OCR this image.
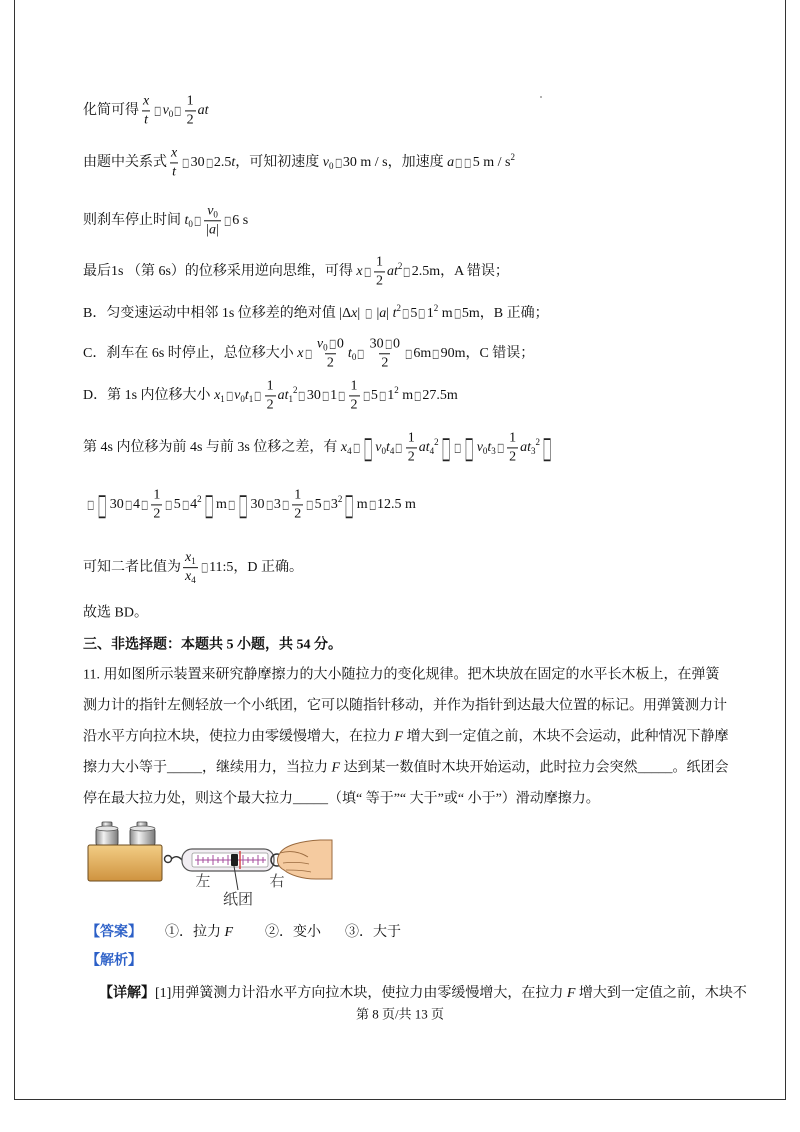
化简可得 $\frac{x}{t}$ $□v_0□ \frac{1}{2}$ at
由题中关系式 $\frac{x}{t}$ □30□2.5t，可知初速度 $v_0□30$ m / s，加速度 a□ □5 m / $s^2$
则刹车停止时间 $t_0□ \frac{v_0}{|a|}$ □6 s
最后1s （第 6s）的位移采用逆向思维，可得 x□ $\frac{1}{2}$ $at^2□2.5m$，A 错误；
B．匀变速运动中相邻 1s 位移差的绝对值 |Δx| □ |a| $t^2□5□1^2$ m□5m，B 正确；
C．刹车在 6s 时停止，总位移大小 x□ $\frac{v_0□0}{2}$ $t_0□ \frac{30□0}{2}$ □6m□90m，C 错误；
D．第 1s 内位移大小 $x_1□v_0t_1□ \frac{1}{2}$ $at_1^2□30□1□ \frac{1}{2}$ $□5□1^2$ m□27.5m
第 4s 内位移为前 4s 与前 3s 位移之差，有 $x_4□$ □ $v_0t_4□ \frac{1}{2}$ $at_4^2□$ □ □ $v_0t_3□ \frac{1}{2}$ $at_3^2□$
□ □ 30□4□ $\frac{1}{2}$ $□5□4^2□$ m□ □ 30□3□ $\frac{1}{2}$ $□5□3^2□$ m□12.5 m
可知二者比值为 $\frac{x_1}{x_4}$ □11:5，D 正确。
故选 BD。
三、非选择题：本题共 5 小题，共 54 分。
11. 用如图所示装置来研究静摩擦力的大小随拉力的变化规律。把木块放在固定的水平长木板上，在弹簧
测力计的指针左侧轻放一个小纸团，它可以随指针移动，并作为指针到达最大位置的标记。用弹簧测力计
沿水平方向拉木块，使拉力由零缓慢增大，在拉力 F 增大到一定值之前，木块不会运动，此种情况下静摩
擦力大小等于_____，继续用力，当拉力 F 达到某一数值时木块开始运动，此时拉力会突然_____。纸团会
停在最大拉力处，则这个最大拉力_____（填“ 等于”“ 大于”或“ 小于”）滑动摩擦力。
左	右
纸团
【答案】 ①．拉力 F ②．变小 ③．大于
【解析】

【详解】[1]用弹簧测力计沿水平方向拉木块，使拉力由零缓慢增大，在拉力 F 增大到一定值之前，木块不

第 8 页/共 13 页
